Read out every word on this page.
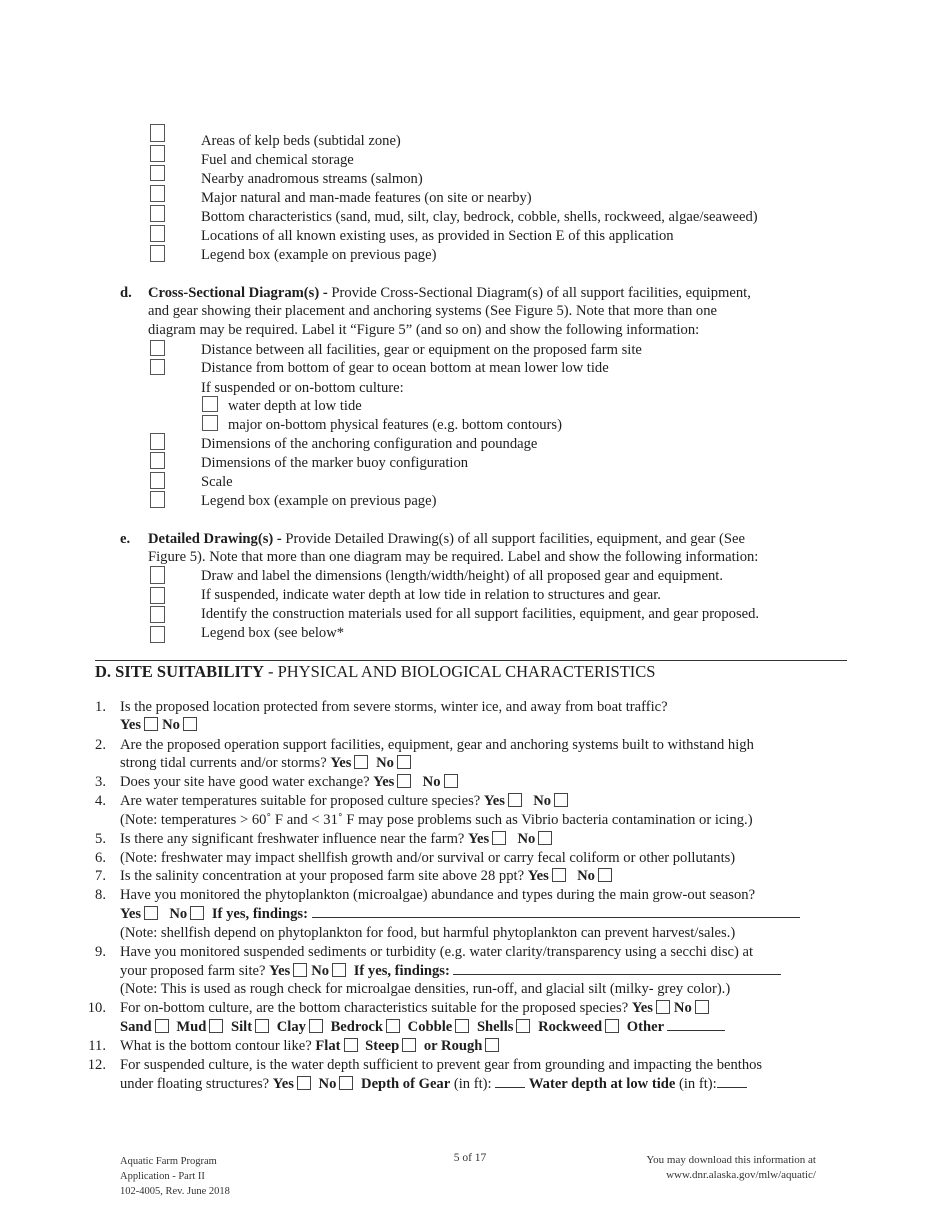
Areas of kelp beds (subtidal zone)
Fuel and chemical storage
Nearby anadromous streams (salmon)
Major natural and man-made features (on site or nearby)
Bottom characteristics (sand, mud, silt, clay, bedrock, cobble, shells, rockweed, algae/seaweed)
Locations of all known existing uses, as provided in Section E of this application
Legend box (example on previous page)
d. Cross-Sectional Diagram(s) - Provide Cross-Sectional Diagram(s) of all support facilities, equipment,
and gear showing their placement and anchoring systems (See Figure 5). Note that more than one
diagram may be required. Label it “Figure 5” (and so on) and show the following information:
Distance between all facilities, gear or equipment on the proposed farm site
Distance from bottom of gear to ocean bottom at mean lower low tide
If suspended or on-bottom culture:
water depth at low tide
major on-bottom physical features (e.g. bottom contours)
Dimensions of the anchoring configuration and poundage
Dimensions of the marker buoy configuration
Scale
Legend box (example on previous page)
e. Detailed Drawing(s) - Provide Detailed Drawing(s) of all support facilities, equipment, and gear (See
Figure 5). Note that more than one diagram may be required. Label and show the following information:
Draw and label the dimensions (length/width/height) of all proposed gear and equipment.
If suspended, indicate water depth at low tide in relation to structures and gear.
Identify the construction materials used for all support facilities, equipment, and gear proposed.
Legend box (see below*
D. SITE SUITABILITY - PHYSICAL AND BIOLOGICAL CHARACTERISTICS
1. Is the proposed location protected from severe storms, winter ice, and away from boat traffic?
Yes No
2. Are the proposed operation support facilities, equipment, gear and anchoring systems built to withstand high
strong tidal currents and/or storms? Yes No
3. Does your site have good water exchange? Yes No
4. Are water temperatures suitable for proposed culture species? Yes No
(Note: temperatures > 60˚ F and < 31˚ F may pose problems such as Vibrio bacteria contamination or icing.)
5. Is there any significant freshwater influence near the farm? Yes No
6. (Note: freshwater may impact shellfish growth and/or survival or carry fecal coliform or other pollutants)
7. Is the salinity concentration at your proposed farm site above 28 ppt? Yes No
8. Have you monitored the phytoplankton (microalgae) abundance and types during the main grow-out season?
Yes No If yes, findings:
(Note: shellfish depend on phytoplankton for food, but harmful phytoplankton can prevent harvest/sales.)
9. Have you monitored suspended sediments or turbidity (e.g. water clarity/transparency using a secchi disc) at
your proposed farm site? Yes No If yes, findings:
(Note: This is used as rough check for microalgae densities, run-off, and glacial silt (milky- grey color).)
10. For on-bottom culture, are the bottom characteristics suitable for the proposed species? Yes No
Sand Mud Silt Clay Bedrock Cobble Shells Rockweed Other
11. What is the bottom contour like? Flat Steep or Rough
12. For suspended culture, is the water depth sufficient to prevent gear from grounding and impacting the benthos
under floating structures? Yes No Depth of Gear (in ft):	Water depth at low tide (in ft):
Aquatic Farm Program
Application - Part II
102-4005, Rev. June 2018
5 of 17	You may download this information at
www.dnr.alaska.gov/mlw/aquatic/
